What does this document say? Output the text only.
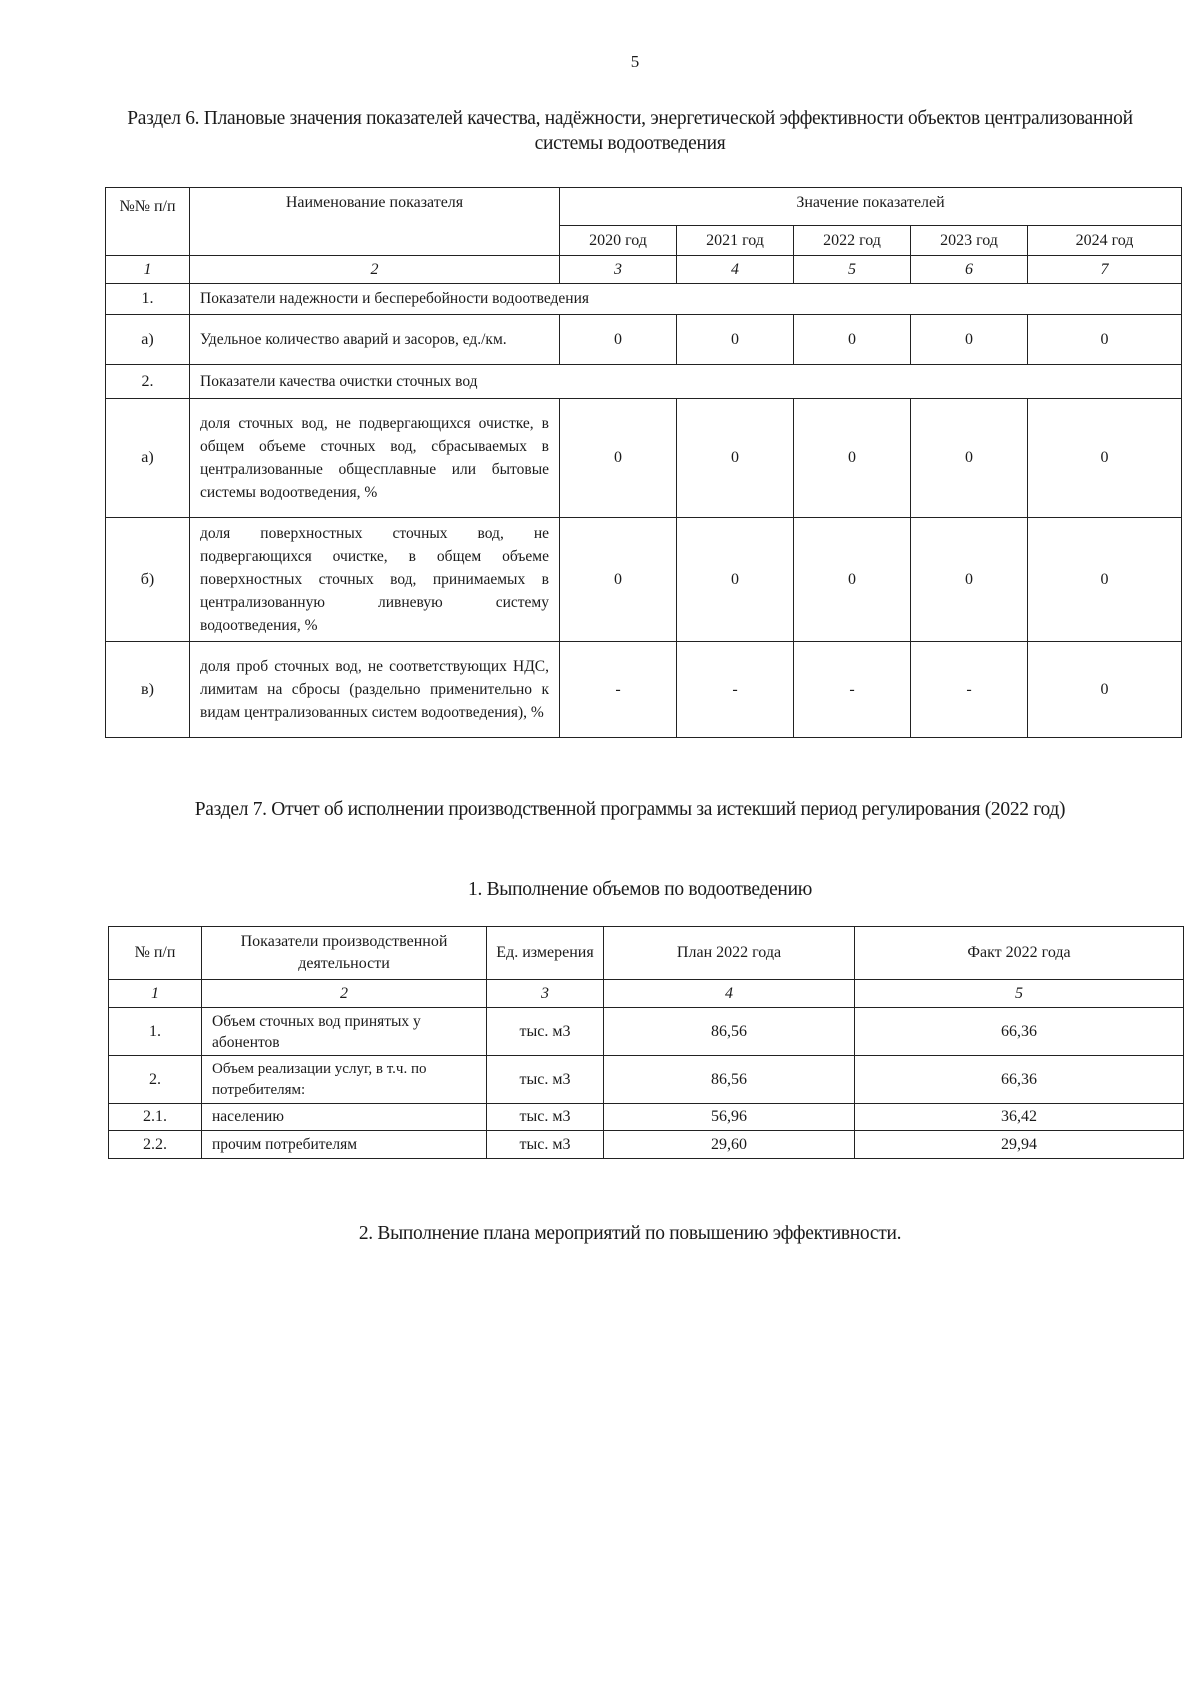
5
Раздел 6. Плановые значения показателей качества, надёжности, энергетической эффективности объектов централизованной системы водоотведения
№№ п/п	Наименование показателя	Значение показателей				
		2020 год	2021 год	2022 год	2023 год	2024 год
1	2	3	4	5	6	7
1.	Показатели надежности и бесперебойности водоотведения					
а)	Удельное количество аварий и засоров, ед./км.	0	0	0	0	0
2.	Показатели качества очистки сточных вод					
а)	доля сточных вод, не подвергающихся очистке, в общем объеме сточных вод, сбрасываемых в централизованные общесплавные или бытовые системы водоотведения, %	0	0	0	0	0
б)	доля поверхностных сточных вод, не подвергающихся очистке, в общем объеме поверхностных сточных вод, принимаемых в централизованную ливневую систему водоотведения, %	0	0	0	0	0
в)	доля проб сточных вод, не соответствующих НДС, лимитам на сбросы (раздельно применительно к видам централизованных систем водоотведения), %	-	-	-	-	0
Раздел 7. Отчет об исполнении производственной программы за истекший период регулирования (2022 год)
1. Выполнение объемов по водоотведению
№ п/п	Показатели производственной деятельности	Ед. измерения	План 2022 года	Факт 2022 года
1	2	3	4	5
1.	Объем сточных вод принятых у абонентов	тыс. м3	86,56	66,36
2.	Объем реализации услуг, в т.ч. по потребителям:	тыс. м3	86,56	66,36
2.1.	населению	тыс. м3	56,96	36,42
2.2.	прочим потребителям	тыс. м3	29,60	29,94
2. Выполнение плана мероприятий по повышению эффективности.
